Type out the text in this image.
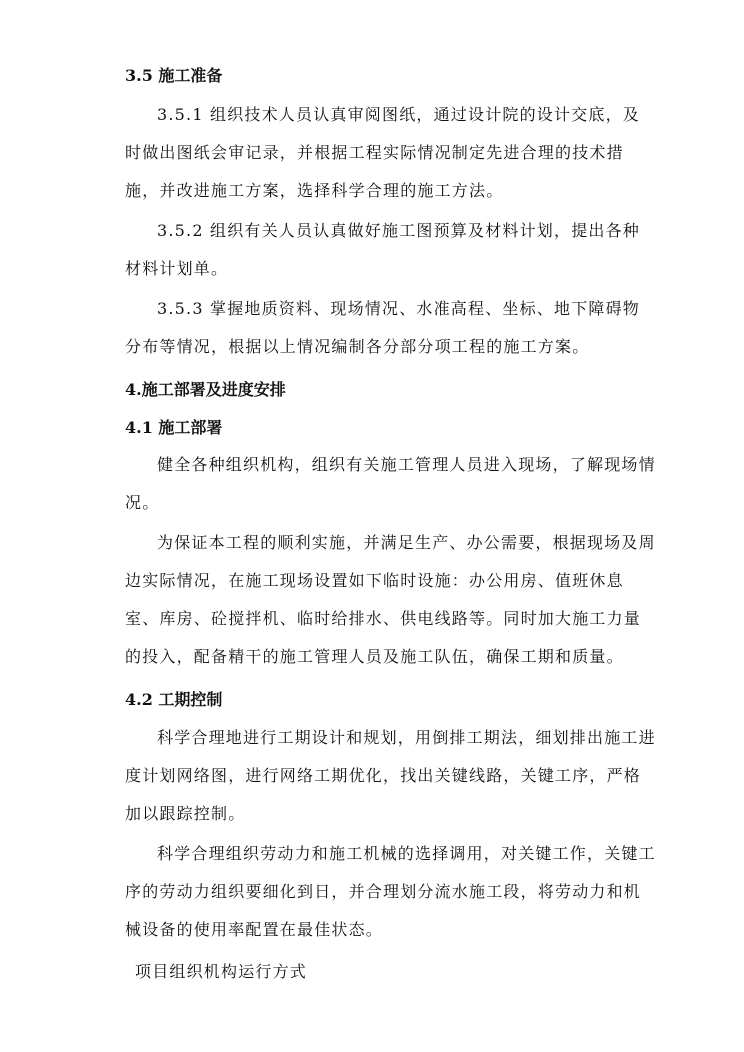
3.5 施工准备
3.5.1 组织技术人员认真审阅图纸，通过设计院的设计交底，及时做出图纸会审记录，并根据工程实际情况制定先进合理的技术措施，并改进施工方案，选择科学合理的施工方法。
3.5.2 组织有关人员认真做好施工图预算及材料计划，提出各种材料计划单。
3.5.3 掌握地质资料、现场情况、水准高程、坐标、地下障碍物分布等情况，根据以上情况编制各分部分项工程的施工方案。
4.施工部署及进度安排
4.1 施工部署
健全各种组织机构，组织有关施工管理人员进入现场，了解现场情况。
为保证本工程的顺利实施，并满足生产、办公需要，根据现场及周边实际情况，在施工现场设置如下临时设施：办公用房、值班休息室、库房、砼搅拌机、临时给排水、供电线路等。同时加大施工力量的投入，配备精干的施工管理人员及施工队伍，确保工期和质量。
4.2 工期控制
科学合理地进行工期设计和规划，用倒排工期法，细划排出施工进度计划网络图，进行网络工期优化，找出关键线路，关键工序，严格加以跟踪控制。
科学合理组织劳动力和施工机械的选择调用，对关键工作，关键工序的劳动力组织要细化到日，并合理划分流水施工段，将劳动力和机械设备的使用率配置在最佳状态。
项目组织机构运行方式
